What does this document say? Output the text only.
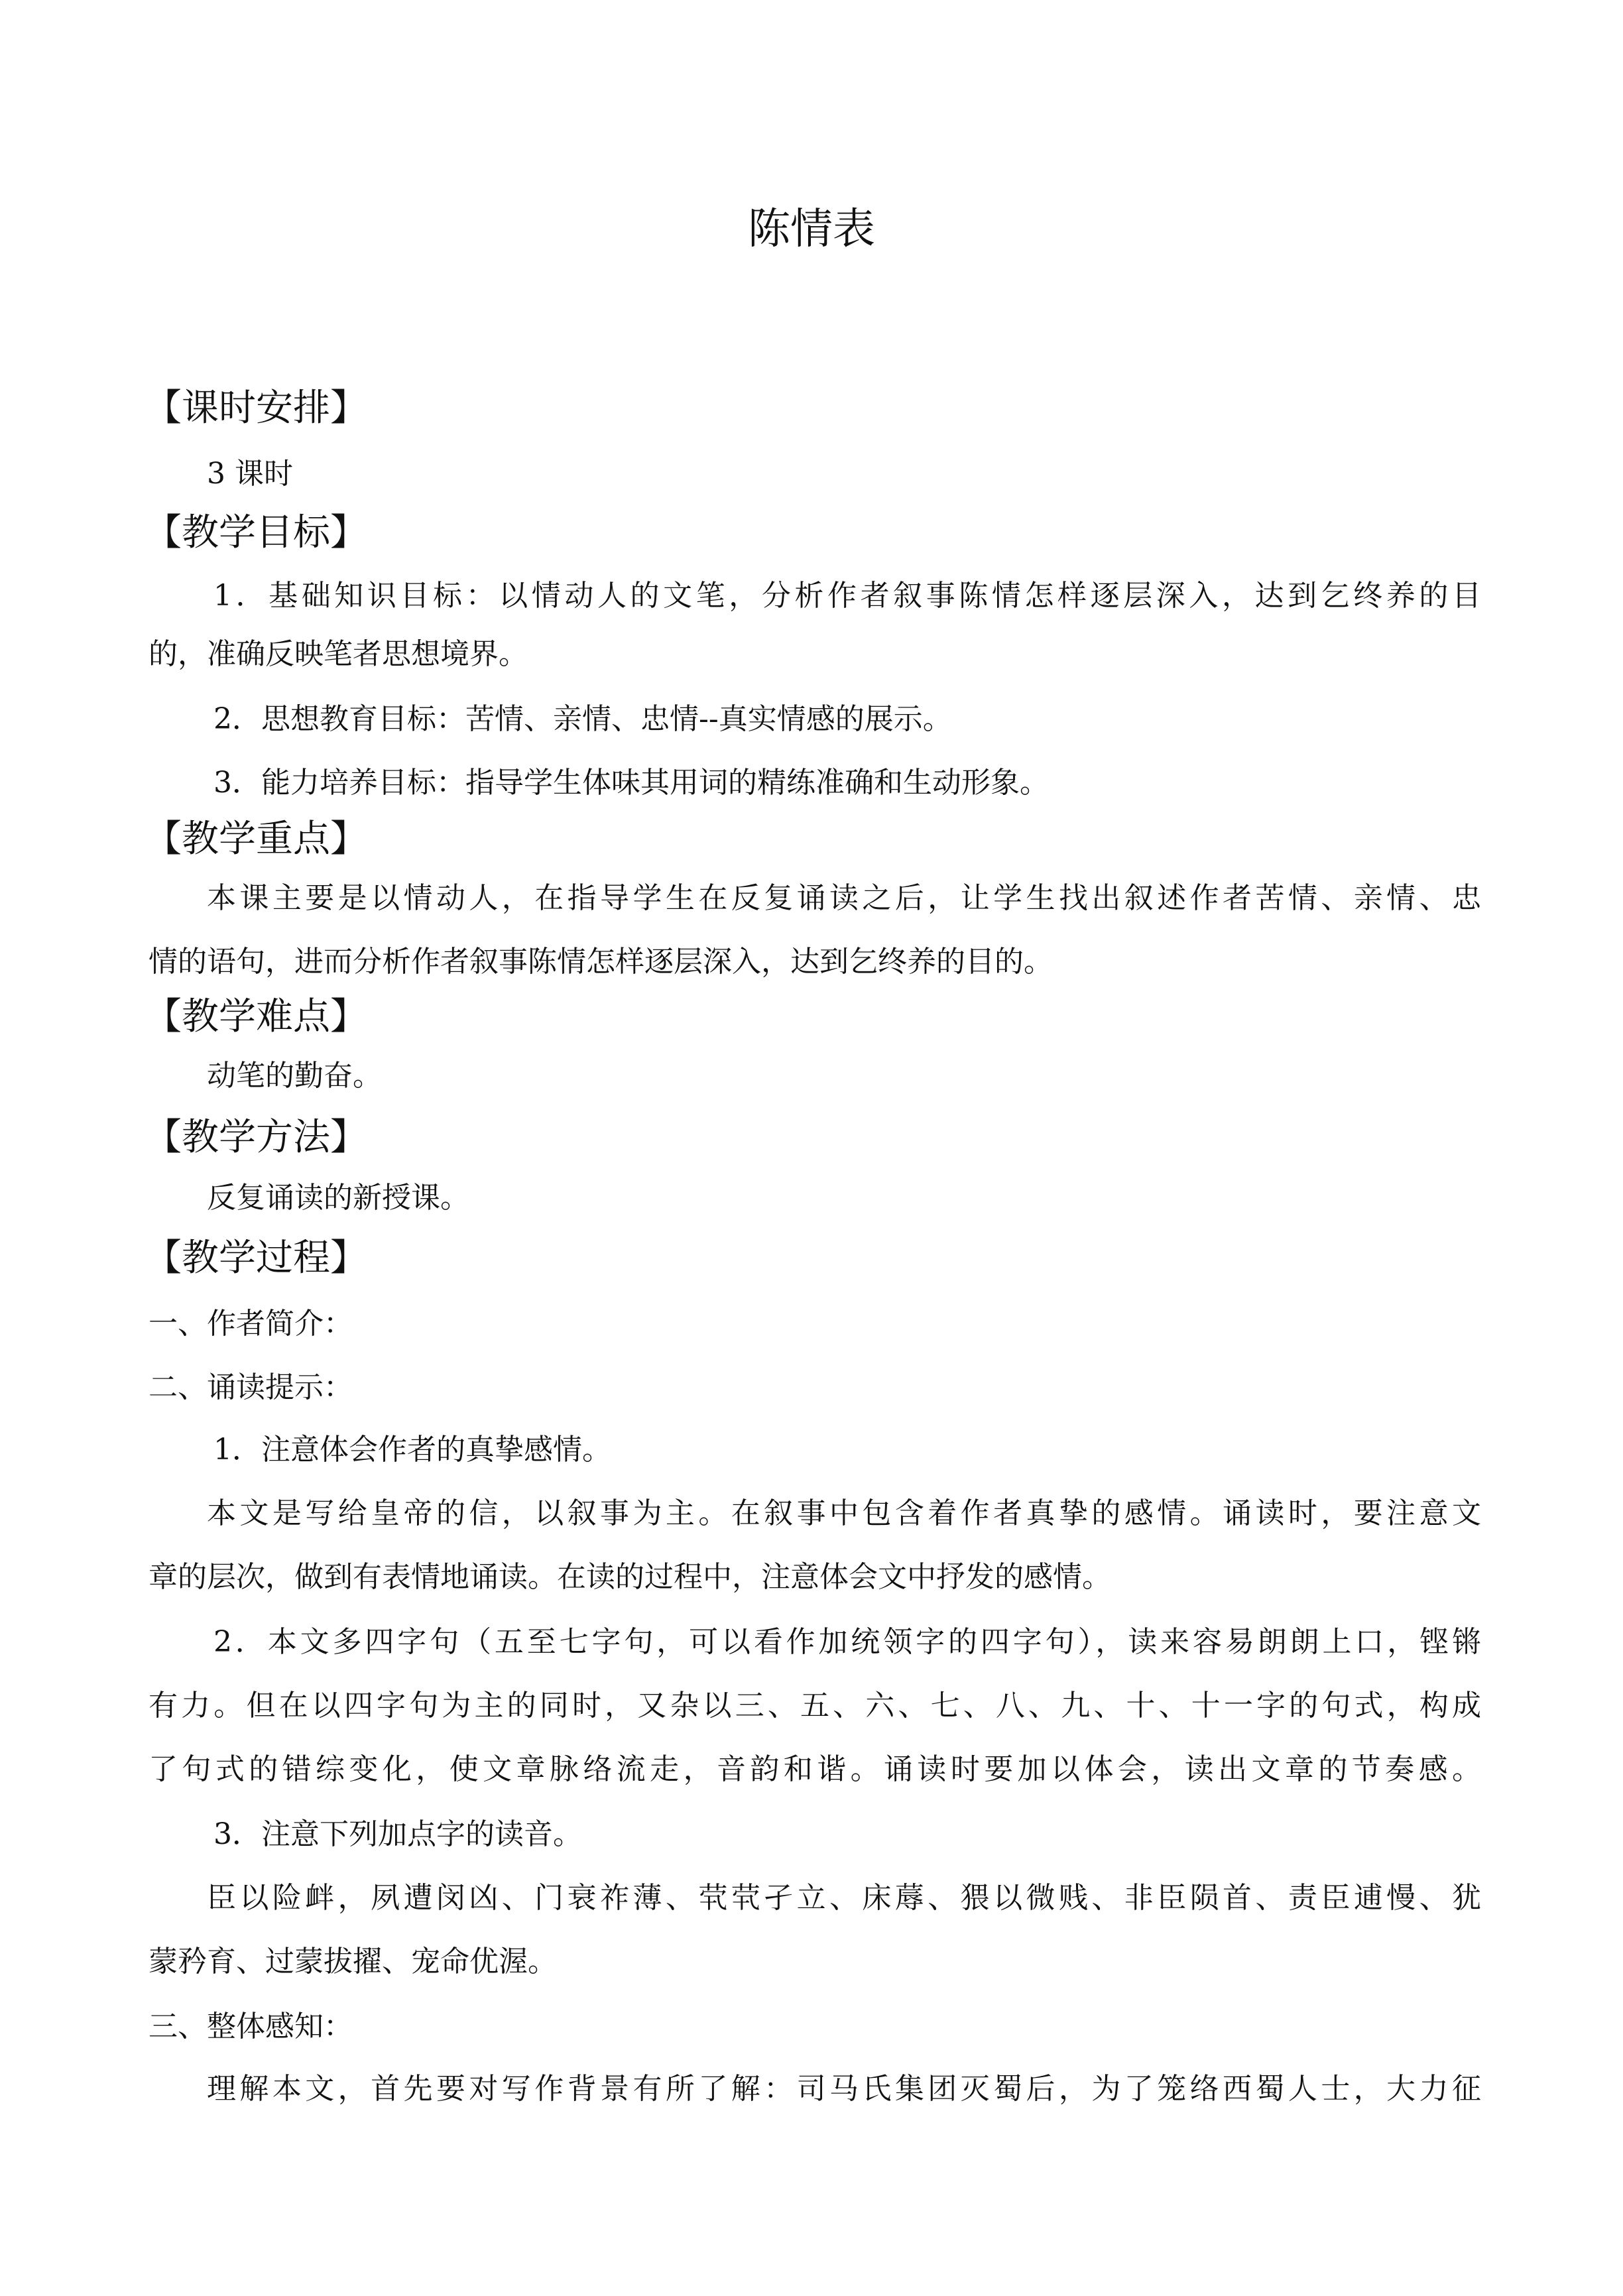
陈情表
【课时安排】
3 课时
【教学目标】
1．基础知识目标：以情动人的文笔，分析作者叙事陈情怎样逐层深入，达到乞终养的目
的，准确反映笔者思想境界。
2．思想教育目标：苦情、亲情、忠情--真实情感的展示。
3．能力培养目标：指导学生体味其用词的精练准确和生动形象。
【教学重点】
本课主要是以情动人，在指导学生在反复诵读之后，让学生找出叙述作者苦情、亲情、忠
情的语句，进而分析作者叙事陈情怎样逐层深入，达到乞终养的目的。
【教学难点】
动笔的勤奋。
【教学方法】
反复诵读的新授课。
【教学过程】
一、作者简介：
二、诵读提示：
1．注意体会作者的真挚感情。
本文是写给皇帝的信，以叙事为主。在叙事中包含着作者真挚的感情。诵读时，要注意文
章的层次，做到有表情地诵读。在读的过程中，注意体会文中抒发的感情。
2．本文多四字句（五至七字句，可以看作加统领字的四字句），读来容易朗朗上口，铿锵
有力。但在以四字句为主的同时，又杂以三、五、六、七、八、九、十、十一字的句式，构成
了句式的错综变化，使文章脉络流走，音韵和谐。诵读时要加以体会，读出文章的节奏感。
3．注意下列加点字的读音。
臣以险衅，夙遭闵凶、门衰祚薄、茕茕孑立、床蓐、猥以微贱、非臣陨首、责臣逋慢、犹
蒙矜育、过蒙拔擢、宠命优渥。
三、整体感知：
理解本文，首先要对写作背景有所了解：司马氏集团灭蜀后，为了笼络西蜀人士，大力征
